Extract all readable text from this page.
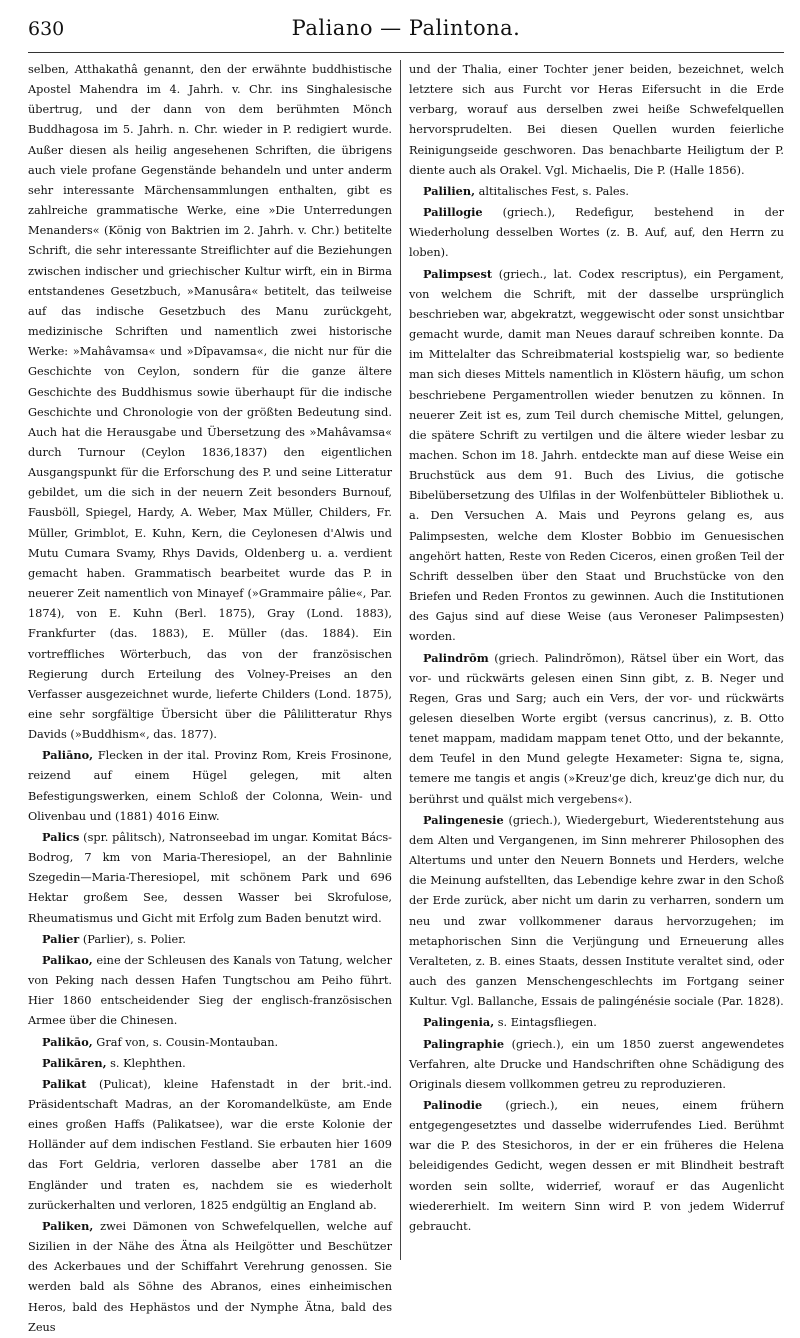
630	Paliano — Palintona.

selben, Atthakathâ genannt, den der erwähnte buddhistische Apostel Mahendra im 4. Jahrh. v. Chr. ins Singhalesische übertrug, und der dann von dem berühmten Mönch Buddhagosa im 5. Jahrh. n. Chr. wieder in P. redigiert wurde. Außer diesen als heilig angesehenen Schriften, die übrigens auch viele profane Gegenstände behandeln und unter anderm sehr interessante Märchensammlungen enthalten, gibt es zahlreiche grammatische Werke, eine »Die Unterredungen Menanders« (König von Baktrien im 2. Jahrh. v. Chr.) betitelte Schrift, die sehr interessante Streiflichter auf die Beziehungen zwischen indischer und griechischer Kultur wirft, ein in Birma entstandenes Gesetzbuch, »Manusâra« betitelt, das teilweise auf das indische Gesetzbuch des Manu zurückgeht, medizinische Schriften und namentlich zwei historische Werke: »Mahâvamsa« und »Dîpavamsa«, die nicht nur für die Geschichte von Ceylon, sondern für die ganze ältere Geschichte des Buddhismus sowie überhaupt für die indische Geschichte und Chronologie von der größten Bedeutung sind. Auch hat die Herausgabe und Übersetzung des »Mahâvamsa« durch Turnour (Ceylon 1836,1837) den eigentlichen Ausgangspunkt für die Erforschung des P. und seine Litteratur gebildet, um die sich in der neuern Zeit besonders Burnouf, Fausböll, Spiegel, Hardy, A. Weber, Max Müller, Childers, Fr. Müller, Grimblot, E. Kuhn, Kern, die Ceylonesen d'Alwis und Mutu Cumara Svamy, Rhys Davids, Oldenberg u. a. verdient gemacht haben. Grammatisch bearbeitet wurde das P. in neuerer Zeit namentlich von Minayef (»Grammaire pâlie«, Par. 1874), von E. Kuhn (Berl. 1875), Gray (Lond. 1883), Frankfurter (das. 1883), E. Müller (das. 1884). Ein vortreffliches Wörterbuch, das von der französischen Regierung durch Erteilung des Volney-Preises an den Verfasser ausgezeichnet wurde, lieferte Childers (Lond. 1875), eine sehr sorgfältige Übersicht über die Pâlilitteratur Rhys Davids (»Buddhism«, das. 1877).

Paliāno, Flecken in der ital. Provinz Rom, Kreis Frosinone, reizend auf einem Hügel gelegen, mit alten Befestigungswerken, einem Schloß der Colonna, Wein- und Olivenbau und (1881) 4016 Einw.

Palics (spr. pâlitsch), Natronseebad im ungar. Komitat Bács-Bodrog, 7 km von Maria-Theresiopel, an der Bahnlinie Szegedin—Maria-Theresiopel, mit schönem Park und 696 Hektar großem See, dessen Wasser bei Skrofulose, Rheumatismus und Gicht mit Erfolg zum Baden benutzt wird.

Palier (Parlier), s. Polier.

Palikao, eine der Schleusen des Kanals von Tatung, welcher von Peking nach dessen Hafen Tungtschou am Peiho führt. Hier 1860 entscheidender Sieg der englisch-französischen Armee über die Chinesen.

Palikāo, Graf von, s. Cousin-Montauban.

Palikāren, s. Klephthen.

Palikat (Pulicat), kleine Hafenstadt in der brit.-ind. Präsidentschaft Madras, an der Koromandelküste, am Ende eines großen Haffs (Palikatsee), war die erste Kolonie der Holländer auf dem indischen Festland. Sie erbauten hier 1609 das Fort Geldria, verloren dasselbe aber 1781 an die Engländer und traten es, nachdem sie es wiederholt zurückerhalten und verloren, 1825 endgültig an England ab.

Paliken, zwei Dämonen von Schwefelquellen, welche auf Sizilien in der Nähe des Ätna als Heilgötter und Beschützer des Ackerbaues und der Schiffahrt Verehrung genossen. Sie werden bald als Söhne des Abranos, eines einheimischen Heros, bald des Hephästos und der Nymphe Ätna, bald des Zeus

und der Thalia, einer Tochter jener beiden, bezeichnet, welch letztere sich aus Furcht vor Heras Eifersucht in die Erde verbarg, worauf aus derselben zwei heiße Schwefelquellen hervorsprudelten. Bei diesen Quellen wurden feierliche Reinigungseide geschworen. Das benachbarte Heiligtum der P. diente auch als Orakel. Vgl. Michaelis, Die P. (Halle 1856).

Palilien, altitalisches Fest, s. Pales.

Palillogie (griech.), Redefigur, bestehend in der Wiederholung desselben Wortes (z. B. Auf, auf, den Herrn zu loben).

Palimpsest (griech., lat. Codex rescriptus), ein Pergament, von welchem die Schrift, mit der dasselbe ursprünglich beschrieben war, abgekratzt, weggewischt oder sonst unsichtbar gemacht wurde, damit man Neues darauf schreiben konnte. Da im Mittelalter das Schreibmaterial kostspielig war, so bediente man sich dieses Mittels namentlich in Klöstern häufig, um schon beschriebene Pergamentrollen wieder benutzen zu können. In neuerer Zeit ist es, zum Teil durch chemische Mittel, gelungen, die spätere Schrift zu vertilgen und die ältere wieder lesbar zu machen. Schon im 18. Jahrh. entdeckte man auf diese Weise ein Bruchstück aus dem 91. Buch des Livius, die gotische Bibelübersetzung des Ulfilas in der Wolfenbütteler Bibliothek u. a. Den Versuchen A. Mais und Peyrons gelang es, aus Palimpsesten, welche dem Kloster Bobbio im Genuesischen angehört hatten, Reste von Reden Ciceros, einen großen Teil der Schrift desselben über den Staat und Bruchstücke von den Briefen und Reden Frontos zu gewinnen. Auch die Institutionen des Gajus sind auf diese Weise (aus Veroneser Palimpsesten) worden.

Palindrōm (griech. Palindrŏmon), Rätsel über ein Wort, das vor- und rückwärts gelesen einen Sinn gibt, z. B. Neger und Regen, Gras und Sarg; auch ein Vers, der vor- und rückwärts gelesen dieselben Worte ergibt (versus cancrinus), z. B. Otto tenet mappam, madidam mappam tenet Otto, und der bekannte, dem Teufel in den Mund gelegte Hexameter: Signa te, signa, temere me tangis et angis (»Kreuz'ge dich, kreuz'ge dich nur, du berührst und quälst mich vergebens«).

Palingenesie (griech.), Wiedergeburt, Wiederentstehung aus dem Alten und Vergangenen, im Sinn mehrerer Philosophen des Altertums und unter den Neuern Bonnets und Herders, welche die Meinung aufstellten, das Lebendige kehre zwar in den Schoß der Erde zurück, aber nicht um darin zu verharren, sondern um neu und zwar vollkommener daraus hervorzugehen; im metaphorischen Sinn die Verjüngung und Erneuerung alles Veralteten, z. B. eines Staats, dessen Institute veraltet sind, oder auch des ganzen Menschengeschlechts im Fortgang seiner Kultur. Vgl. Ballanche, Essais de palingénésie sociale (Par. 1828).

Palingenia, s. Eintagsfliegen.

Palingraphie (griech.), ein um 1850 zuerst angewendetes Verfahren, alte Drucke und Handschriften ohne Schädigung des Originals diesem vollkommen getreu zu reproduzieren.

Palinodie (griech.), ein neues, einem frühern entgegengesetztes und dasselbe widerrufendes Lied. Berühmt war die P. des Stesichoros, in der er ein früheres die Helena beleidigendes Gedicht, wegen dessen er mit Blindheit bestraft worden sein sollte, widerrief, worauf er das Augenlicht wiedererhielt. Im weitern Sinn wird P. von jedem Widerruf gebraucht.
